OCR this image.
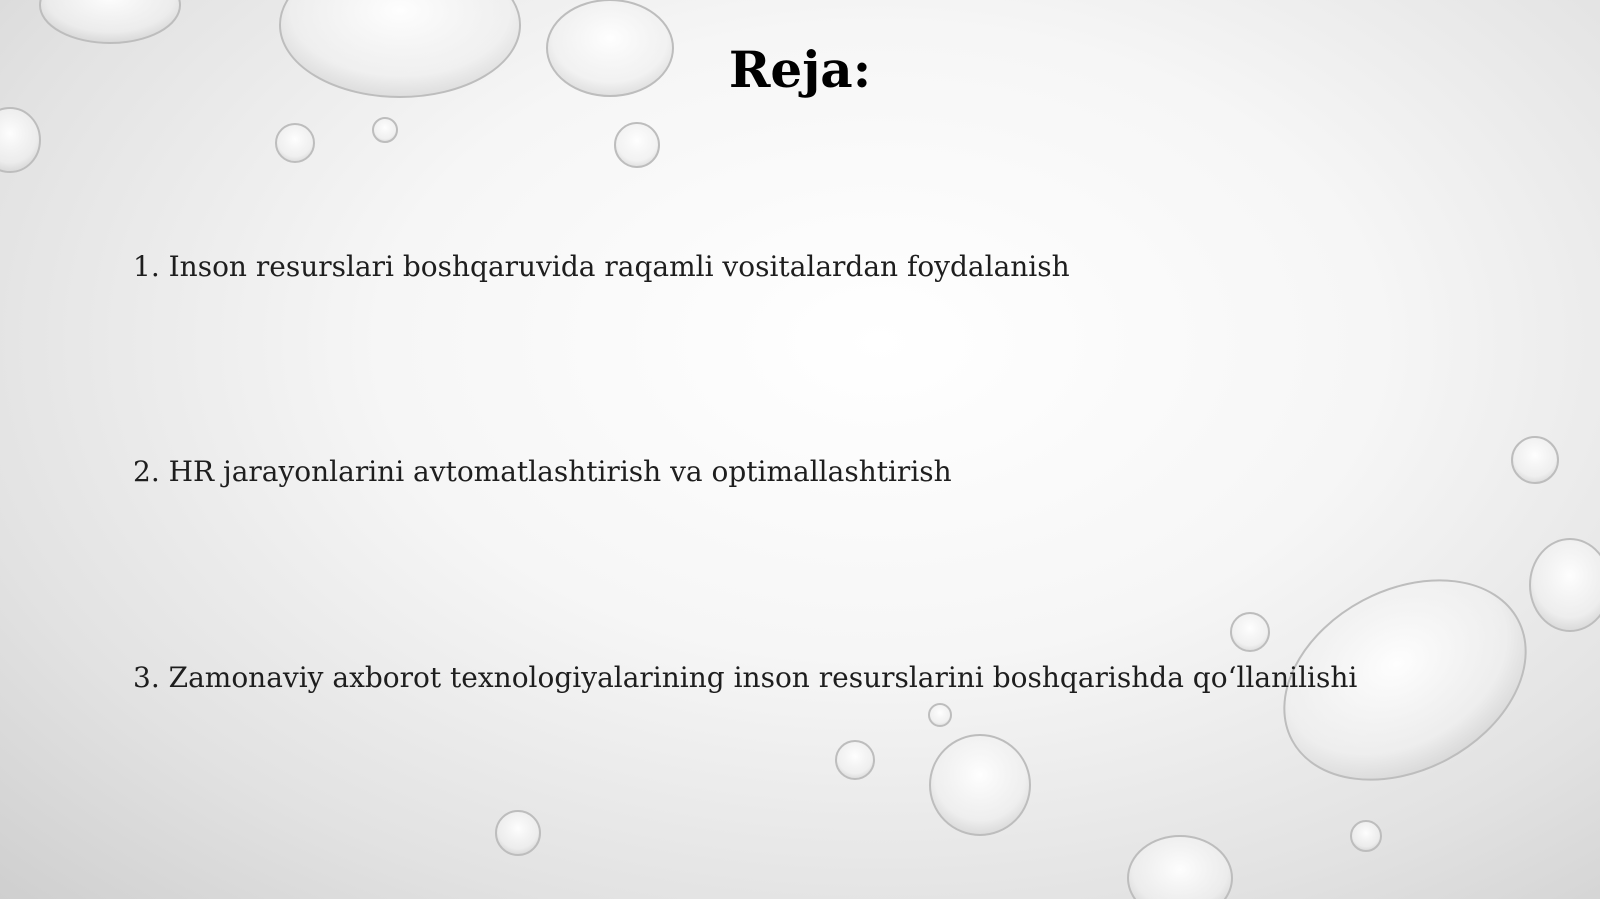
Reja:
1. Inson resurslari boshqaruvida raqamli vositalardan foydalanish
2. HR jarayonlarini avtomatlashtirish va optimallashtirish
3. Zamonaviy axborot texnologiyalarining inson resurslarini boshqarishda qo‘llanilishi
